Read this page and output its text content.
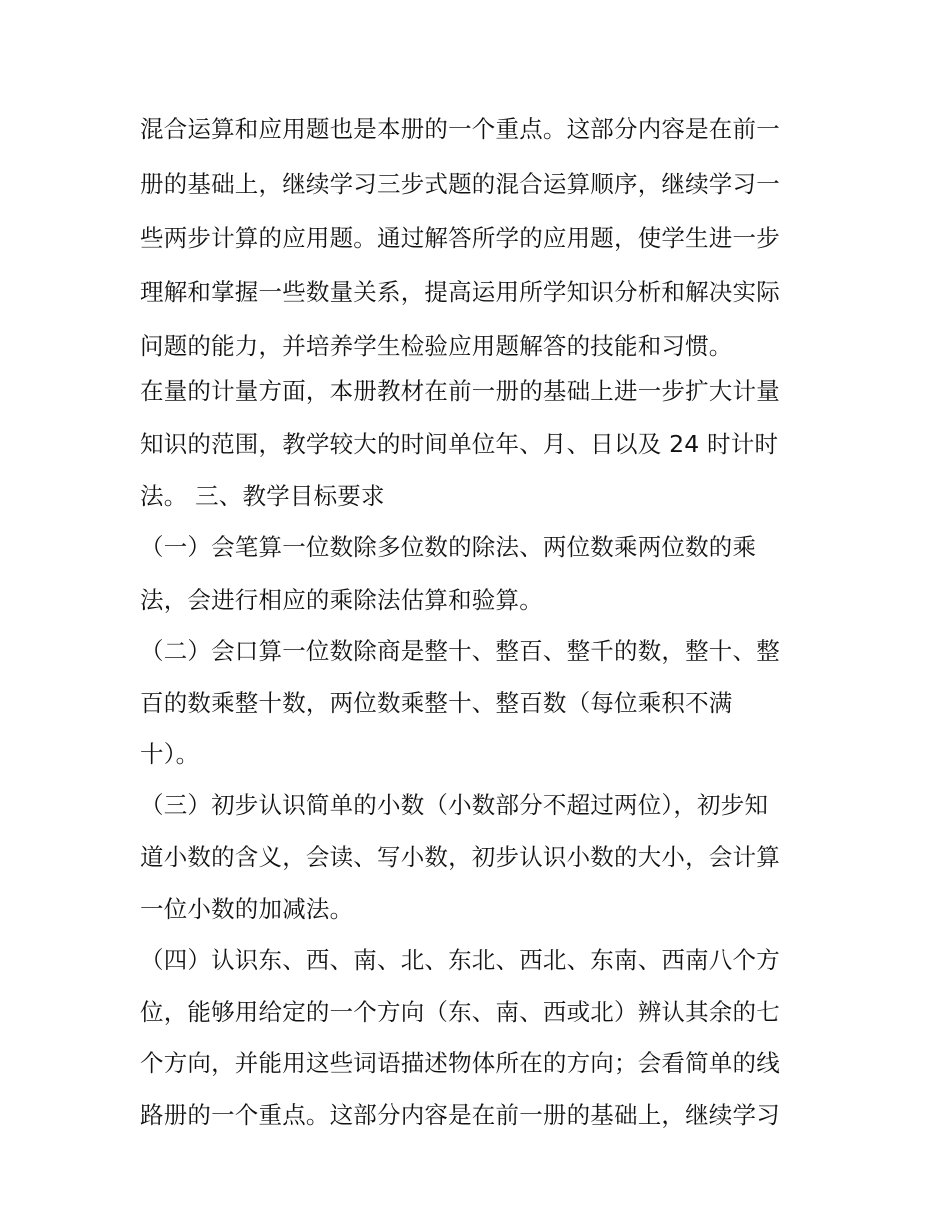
混合运算和应用题也是本册的一个重点。这部分内容是在前一
册的基础上，继续学习三步式题的混合运算顺序，继续学习一
些两步计算的应用题。通过解答所学的应用题，使学生进一步
理解和掌握一些数量关系，提高运用所学知识分析和解决实际
问题的能力，并培养学生检验应用题解答的技能和习惯。
在量的计量方面，本册教材在前一册的基础上进一步扩大计量
知识的范围，教学较大的时间单位年、月、日以及 24 时计时
法。 三、教学目标要求
（一）会笔算一位数除多位数的除法、两位数乘两位数的乘
法，会进行相应的乘除法估算和验算。
（二）会口算一位数除商是整十、整百、整千的数，整十、整
百的数乘整十数，两位数乘整十、整百数（每位乘积不满
十）。
（三）初步认识简单的小数（小数部分不超过两位），初步知
道小数的含义，会读、写小数，初步认识小数的大小，会计算
一位小数的加减法。
（四）认识东、西、南、北、东北、西北、东南、西南八个方
位，能够用给定的一个方向（东、南、西或北）辨认其余的七
个方向，并能用这些词语描述物体所在的方向；会看简单的线
路册的一个重点。这部分内容是在前一册的基础上，继续学习
